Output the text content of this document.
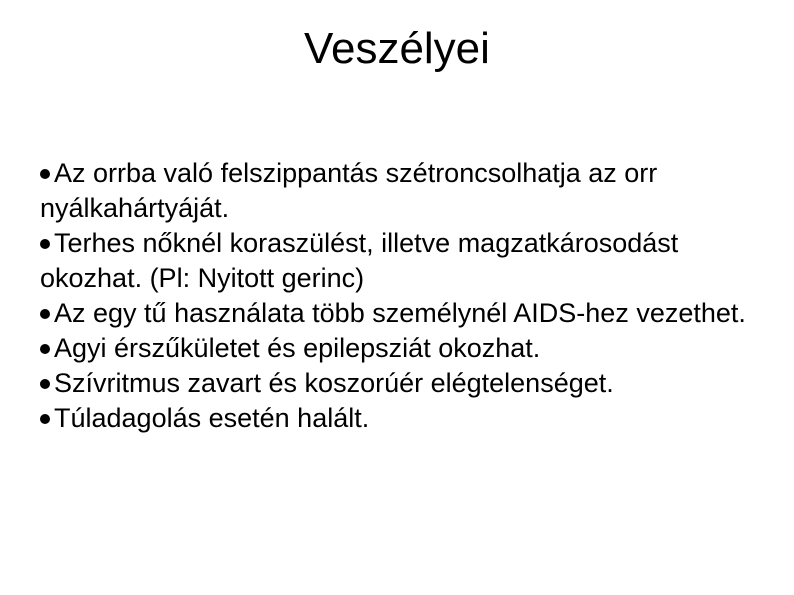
Veszélyei
Az orrba való felszippantás szétroncsolhatja az orr nyálkahártyáját.
Terhes nőknél koraszülést, illetve magzatkárosodást okozhat. (Pl: Nyitott gerinc)
Az egy tű használata több személynél AIDS-hez vezethet.
Agyi érszűkületet és epilepsziát okozhat.
Szívritmus zavart és koszorúér elégtelenséget.
Túladagolás esetén halált.
